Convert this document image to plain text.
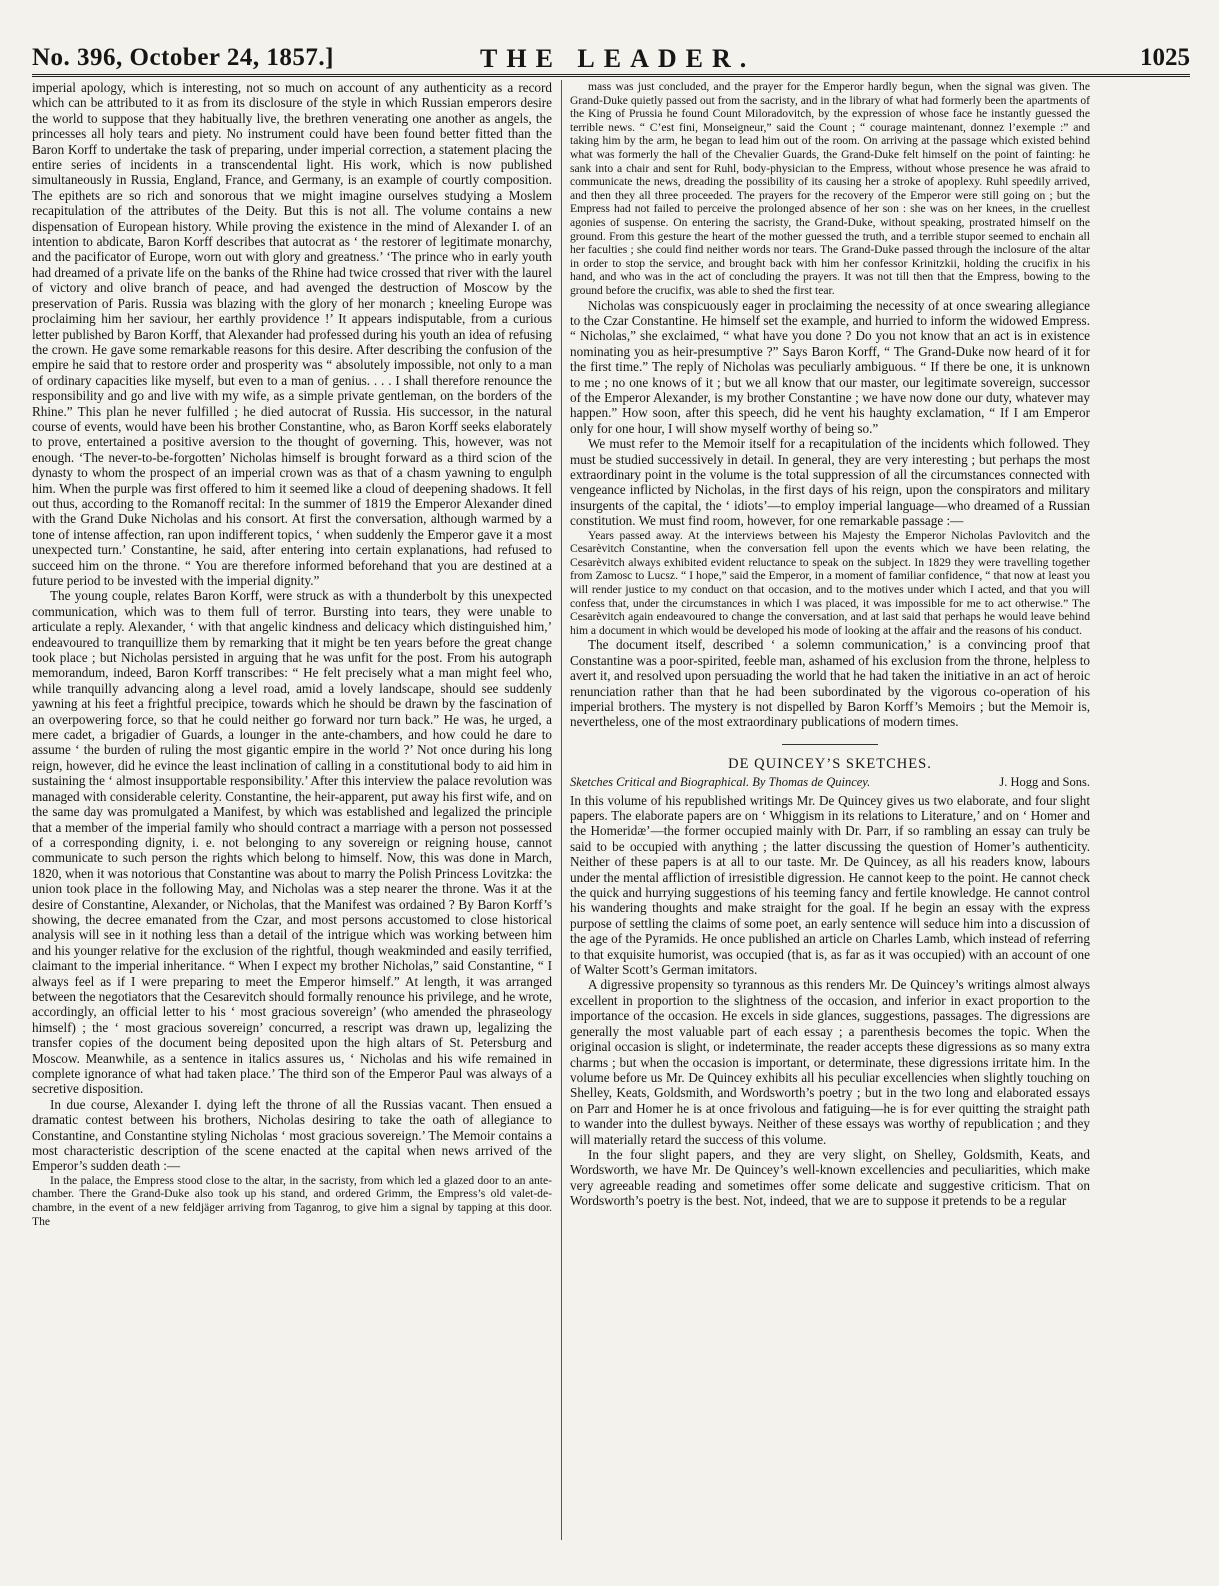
No. 396, October 24, 1857.]	THE LEADER.	1025

imperial apology, which is interesting, not so much on account of any authenticity as a record which can be attributed to it as from its disclosure of the style in which Russian emperors desire the world to suppose that they habitually live, the brethren venerating one another as angels, the princesses all holy tears and piety. No instrument could have been found better fitted than the Baron Korff to undertake the task of preparing, under imperial correction, a statement placing the entire series of incidents in a transcendental light. His work, which is now published simultaneously in Russia, England, France, and Germany, is an example of courtly composition. The epithets are so rich and sonorous that we might imagine ourselves studying a Moslem recapitulation of the attributes of the Deity. But this is not all. The volume contains a new dispensation of European history. While proving the existence in the mind of Alexander I. of an intention to abdicate, Baron Korff describes that autocrat as ‘ the restorer of legitimate monarchy, and the pacificator of Europe, worn out with glory and greatness.’ ‘The prince who in early youth had dreamed of a private life on the banks of the Rhine had twice crossed that river with the laurel of victory and olive branch of peace, and had avenged the destruction of Moscow by the preservation of Paris. Russia was blazing with the glory of her monarch ; kneeling Europe was proclaiming him her saviour, her earthly providence !’ It appears indisputable, from a curious letter published by Baron Korff, that Alexander had professed during his youth an idea of refusing the crown. He gave some remarkable reasons for this desire. After describing the confusion of the empire he said that to restore order and prosperity was “ absolutely impossible, not only to a man of ordinary capacities like myself, but even to a man of genius. . . . I shall therefore renounce the responsibility and go and live with my wife, as a simple private gentleman, on the borders of the Rhine.” This plan he never fulfilled ; he died autocrat of Russia. His successor, in the natural course of events, would have been his brother Constantine, who, as Baron Korff seeks elaborately to prove, entertained a positive aversion to the thought of governing. This, however, was not enough. ‘The never-to-be-forgotten’ Nicholas himself is brought forward as a third scion of the dynasty to whom the prospect of an imperial crown was as that of a chasm yawning to engulph him. When the purple was first offered to him it seemed like a cloud of deepening shadows. It fell out thus, according to the Romanoff recital: In the summer of 1819 the Emperor Alexander dined with the Grand Duke Nicholas and his consort. At first the conversation, although warmed by a tone of intense affection, ran upon indifferent topics, ‘ when suddenly the Emperor gave it a most unexpected turn.’ Constantine, he said, after entering into certain explanations, had refused to succeed him on the throne. “ You are therefore informed beforehand that you are destined at a future period to be invested with the imperial dignity.”

The young couple, relates Baron Korff, were struck as with a thunderbolt by this unexpected communication, which was to them full of terror. Bursting into tears, they were unable to articulate a reply. Alexander, ‘ with that angelic kindness and delicacy which distinguished him,’ endeavoured to tranquillize them by remarking that it might be ten years before the great change took place ; but Nicholas persisted in arguing that he was unfit for the post. From his autograph memorandum, indeed, Baron Korff transcribes: “ He felt precisely what a man might feel who, while tranquilly advancing along a level road, amid a lovely landscape, should see suddenly yawning at his feet a frightful precipice, towards which he should be drawn by the fascination of an overpowering force, so that he could neither go forward nor turn back.” He was, he urged, a mere cadet, a brigadier of Guards, a lounger in the ante-chambers, and how could he dare to assume ‘ the burden of ruling the most gigantic empire in the world ?’ Not once during his long reign, however, did he evince the least inclination of calling in a constitutional body to aid him in sustaining the ‘ almost insupportable responsibility.’ After this interview the palace revolution was managed with considerable celerity. Constantine, the heir-apparent, put away his first wife, and on the same day was promulgated a Manifest, by which was established and legalized the principle that a member of the imperial family who should contract a marriage with a person not possessed of a corresponding dignity, i. e. not belonging to any sovereign or reigning house, cannot communicate to such person the rights which belong to himself. Now, this was done in March, 1820, when it was notorious that Constantine was about to marry the Polish Princess Lovitzka: the union took place in the following May, and Nicholas was a step nearer the throne. Was it at the desire of Constantine, Alexander, or Nicholas, that the Manifest was ordained ? By Baron Korff’s showing, the decree emanated from the Czar, and most persons accustomed to close historical analysis will see in it nothing less than a detail of the intrigue which was working between him and his younger relative for the exclusion of the rightful, though weakminded and easily terrified, claimant to the imperial inheritance. “ When I expect my brother Nicholas,” said Constantine, “ I always feel as if I were preparing to meet the Emperor himself.” At length, it was arranged between the negotiators that the Cesarevitch should formally renounce his privilege, and he wrote, accordingly, an official letter to his ‘ most gracious sovereign’ (who amended the phraseology himself) ; the ‘ most gracious sovereign’ concurred, a rescript was drawn up, legalizing the transfer copies of the document being deposited upon the high altars of St. Petersburg and Moscow. Meanwhile, as a sentence in italics assures us, ‘ Nicholas and his wife remained in complete ignorance of what had taken place.’ The third son of the Emperor Paul was always of a secretive disposition.

In due course, Alexander I. dying left the throne of all the Russias vacant. Then ensued a dramatic contest between his brothers, Nicholas desiring to take the oath of allegiance to Constantine, and Constantine styling Nicholas ‘ most gracious sovereign.’ The Memoir contains a most characteristic description of the scene enacted at the capital when news arrived of the Emperor’s sudden death :—

In the palace, the Empress stood close to the altar, in the sacristy, from which led a glazed door to an ante-chamber. There the Grand-Duke also took up his stand, and ordered Grimm, the Empress’s old valet-de-chambre, in the event of a new feldjäger arriving from Taganrog, to give him a signal by tapping at this door. The

mass was just concluded, and the prayer for the Emperor hardly begun, when the signal was given. The Grand-Duke quietly passed out from the sacristy, and in the library of what had formerly been the apartments of the King of Prussia he found Count Miloradovitch, by the expression of whose face he instantly guessed the terrible news. “ C’est fini, Monseigneur,” said the Count ; “ courage maintenant, donnez l’exemple :” and taking him by the arm, he began to lead him out of the room. On arriving at the passage which existed behind what was formerly the hall of the Chevalier Guards, the Grand-Duke felt himself on the point of fainting: he sank into a chair and sent for Ruhl, body-physician to the Empress, without whose presence he was afraid to communicate the news, dreading the possibility of its causing her a stroke of apoplexy. Ruhl speedily arrived, and then they all three proceeded. The prayers for the recovery of the Emperor were still going on ; but the Empress had not failed to perceive the prolonged absence of her son : she was on her knees, in the cruellest agonies of suspense. On entering the sacristy, the Grand-Duke, without speaking, prostrated himself on the ground. From this gesture the heart of the mother guessed the truth, and a terrible stupor seemed to enchain all her faculties ; she could find neither words nor tears. The Grand-Duke passed through the inclosure of the altar in order to stop the service, and brought back with him her confessor Krinitzkii, holding the crucifix in his hand, and who was in the act of concluding the prayers. It was not till then that the Empress, bowing to the ground before the crucifix, was able to shed the first tear.

Nicholas was conspicuously eager in proclaiming the necessity of at once swearing allegiance to the Czar Constantine. He himself set the example, and hurried to inform the widowed Empress. “ Nicholas,” she exclaimed, “ what have you done ? Do you not know that an act is in existence nominating you as heir-presumptive ?” Says Baron Korff, “ The Grand-Duke now heard of it for the first time.” The reply of Nicholas was peculiarly ambiguous. “ If there be one, it is unknown to me ; no one knows of it ; but we all know that our master, our legitimate sovereign, successor of the Emperor Alexander, is my brother Constantine ; we have now done our duty, whatever may happen.” How soon, after this speech, did he vent his haughty exclamation, “ If I am Emperor only for one hour, I will show myself worthy of being so.”

We must refer to the Memoir itself for a recapitulation of the incidents which followed. They must be studied successively in detail. In general, they are very interesting ; but perhaps the most extraordinary point in the volume is the total suppression of all the circumstances connected with vengeance inflicted by Nicholas, in the first days of his reign, upon the conspirators and military insurgents of the capital, the ‘ idiots’—to employ imperial language—who dreamed of a Russian constitution. We must find room, however, for one remarkable passage :—

Years passed away. At the interviews between his Majesty the Emperor Nicholas Pavlovitch and the Cesarèvitch Constantine, when the conversation fell upon the events which we have been relating, the Cesarèvitch always exhibited evident reluctance to speak on the subject. In 1829 they were travelling together from Zamosc to Lucsz. “ I hope,” said the Emperor, in a moment of familiar confidence, “ that now at least you will render justice to my conduct on that occasion, and to the motives under which I acted, and that you will confess that, under the circumstances in which I was placed, it was impossible for me to act otherwise.” The Cesarèvitch again endeavoured to change the conversation, and at last said that perhaps he would leave behind him a document in which would be developed his mode of looking at the affair and the reasons of his conduct.

The document itself, described ‘ a solemn communication,’ is a convincing proof that Constantine was a poor-spirited, feeble man, ashamed of his exclusion from the throne, helpless to avert it, and resolved upon persuading the world that he had taken the initiative in an act of heroic renunciation rather than that he had been subordinated by the vigorous co-operation of his imperial brothers. The mystery is not dispelled by Baron Korff’s Memoirs ; but the Memoir is, nevertheless, one of the most extraordinary publications of modern times.

DE QUINCEY’S SKETCHES.
Sketches Critical and Biographical. By Thomas de Quincey.	J. Hogg and Sons.

In this volume of his republished writings Mr. De Quincey gives us two elaborate, and four slight papers. The elaborate papers are on ‘ Whiggism in its relations to Literature,’ and on ‘ Homer and the Homeridæ’—the former occupied mainly with Dr. Parr, if so rambling an essay can truly be said to be occupied with anything ; the latter discussing the question of Homer’s authenticity. Neither of these papers is at all to our taste. Mr. De Quincey, as all his readers know, labours under the mental affliction of irresistible digression. He cannot keep to the point. He cannot check the quick and hurrying suggestions of his teeming fancy and fertile knowledge. He cannot control his wandering thoughts and make straight for the goal. If he begin an essay with the express purpose of settling the claims of some poet, an early sentence will seduce him into a discussion of the age of the Pyramids. He once published an article on Charles Lamb, which instead of referring to that exquisite humorist, was occupied (that is, as far as it was occupied) with an account of one of Walter Scott’s German imitators.

A digressive propensity so tyrannous as this renders Mr. De Quincey’s writings almost always excellent in proportion to the slightness of the occasion, and inferior in exact proportion to the importance of the occasion. He excels in side glances, suggestions, passages. The digressions are generally the most valuable part of each essay ; a parenthesis becomes the topic. When the original occasion is slight, or indeterminate, the reader accepts these digressions as so many extra charms ; but when the occasion is important, or determinate, these digressions irritate him. In the volume before us Mr. De Quincey exhibits all his peculiar excellencies when slightly touching on Shelley, Keats, Goldsmith, and Wordsworth’s poetry ; but in the two long and elaborated essays on Parr and Homer he is at once frivolous and fatiguing—he is for ever quitting the straight path to wander into the dullest byways. Neither of these essays was worthy of republication ; and they will materially retard the success of this volume.

In the four slight papers, and they are very slight, on Shelley, Goldsmith, Keats, and Wordsworth, we have Mr. De Quincey’s well-known excellencies and peculiarities, which make very agreeable reading and sometimes offer some delicate and suggestive criticism. That on Wordsworth’s poetry is the best. Not, indeed, that we are to suppose it pretends to be a regular
